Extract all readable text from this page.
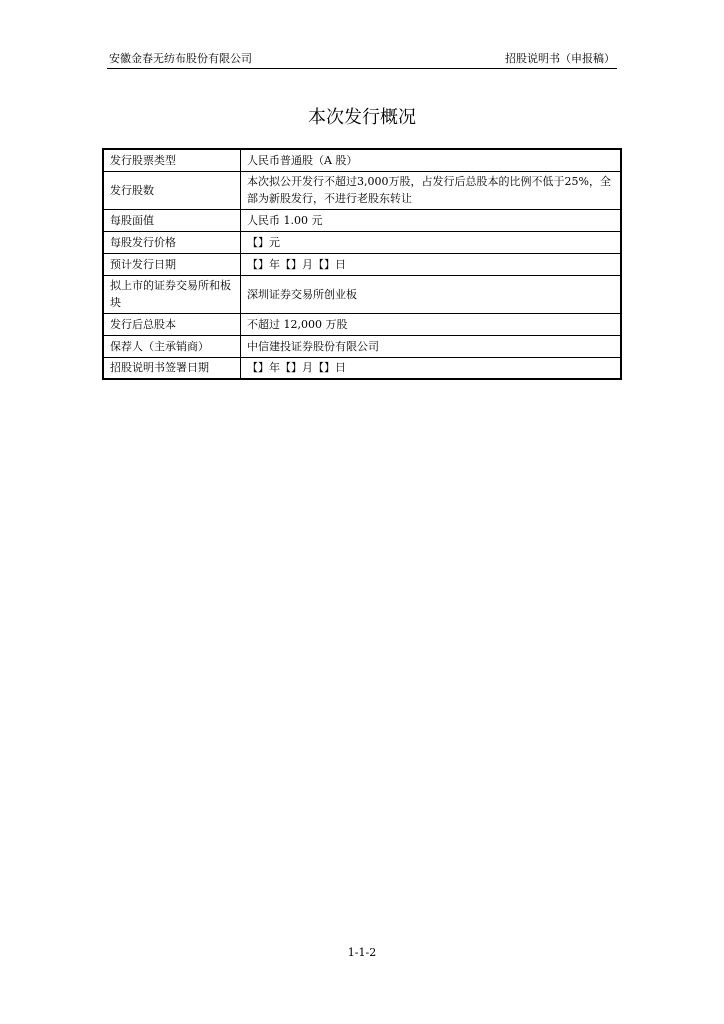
安徽金春无纺布股份有限公司	招股说明书（申报稿）
本次发行概况
发行股票类型	人民币普通股（A 股）
发行股数	本次拟公开发行不超过3,000万股，占发行后总股本的比例不低于25%，全部为新股发行，不进行老股东转让
每股面值	人民币 1.00 元
每股发行价格	【】元
预计发行日期	【】年【】月【】日
拟上市的证券交易所和板块	深圳证券交易所创业板
发行后总股本	不超过 12,000 万股
保荐人（主承销商）	中信建投证券股份有限公司
招股说明书签署日期	【】年【】月【】日
1-1-2
